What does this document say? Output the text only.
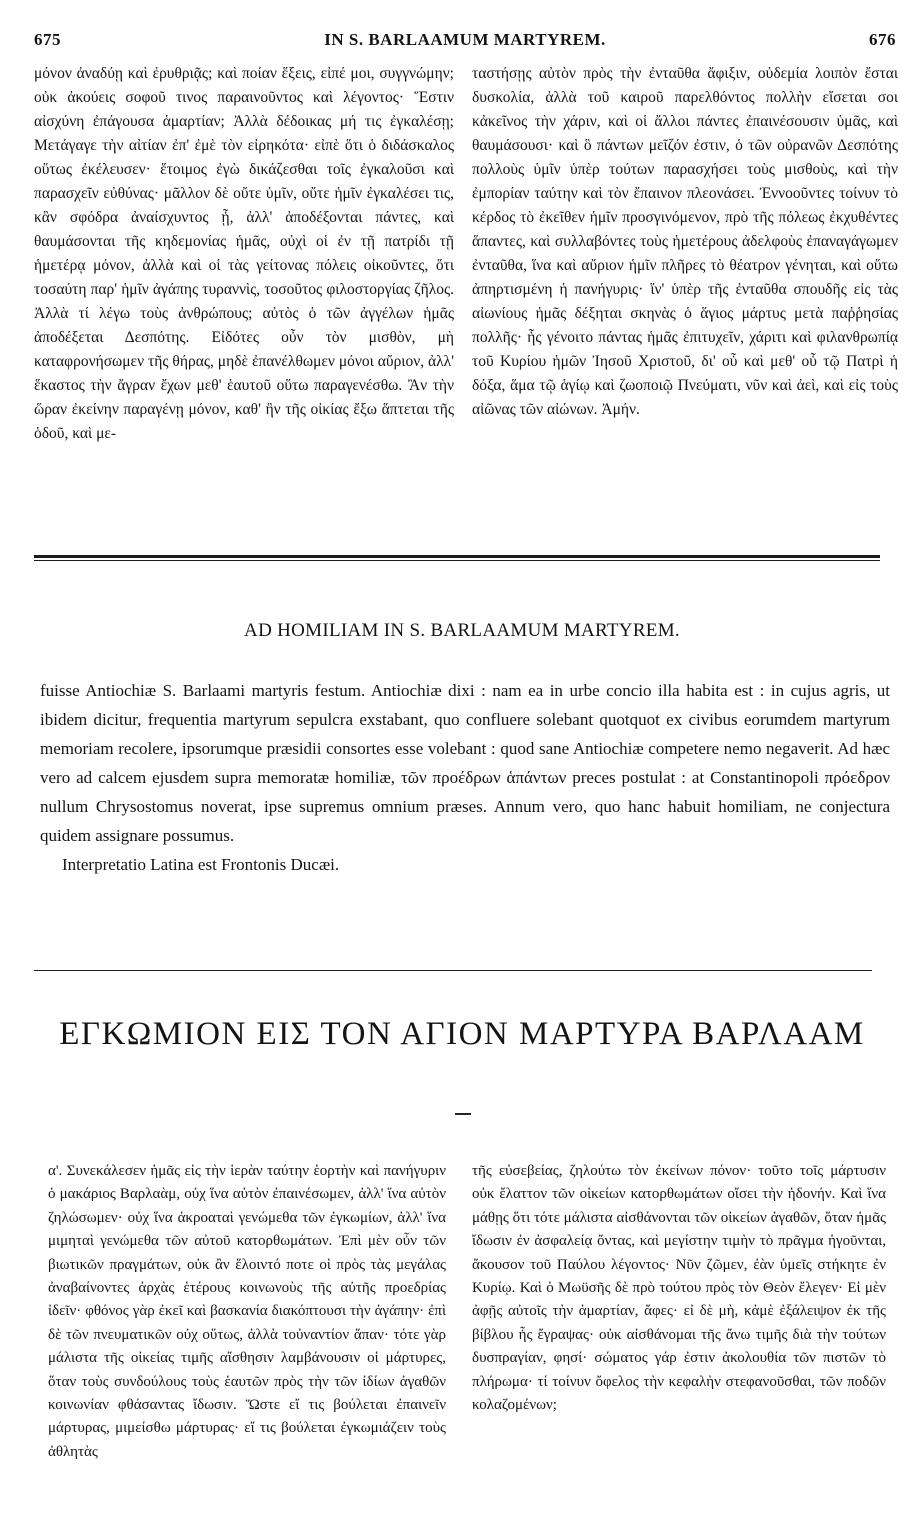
675	IN S. BARLAAMUM MARTYREM.	676

μόνον ἀναδύῃ καὶ ἐρυθριᾷς; καὶ ποίαν ἕξεις, εἰπέ μοι, συγγνώμην; οὐκ ἀκούεις σοφοῦ τινος παραινοῦντος καὶ λέγοντος· Ἔστιν αἰσχύνη ἐπάγουσα ἁμαρτίαν; Ἀλλὰ δέδοικας μή τις ἐγκαλέσῃ; Μετάγαγε τὴν αἰτίαν ἐπ' ἐμὲ τὸν εἰρηκότα· εἰπὲ ὅτι ὁ διδάσκαλος οὕτως ἐκέλευσεν· ἕτοιμος ἐγὼ δικάζεσθαι τοῖς ἐγκαλοῦσι καὶ παρασχεῖν εὐθύνας· μᾶλλον δὲ οὔτε ὑμῖν, οὔτε ἡμῖν ἐγκαλέσει τις, κἂν σφόδρα ἀναίσχυντος ᾖ, ἀλλ' ἀποδέξονται πάντες, καὶ θαυμάσονται τῆς κηδεμονίας ἡμᾶς, οὐχὶ οἱ ἐν τῇ πατρίδι τῇ ἡμετέρᾳ μόνον, ἀλλὰ καὶ οἱ τὰς γείτονας πόλεις οἰκοῦντες, ὅτι τοσαύτη παρ' ἡμῖν ἀγάπης τυραννὶς, τοσοῦτος φιλοστοργίας ζῆλος. Ἀλλὰ τί λέγω τοὺς ἀνθρώπους; αὐτὸς ὁ τῶν ἀγγέλων ἡμᾶς ἀποδέξεται Δεσπότης. Εἰδότες οὖν τὸν μισθὸν, μὴ καταφρονήσωμεν τῆς θήρας, μηδὲ ἐπανέλθωμεν μόνοι αὔριον, ἀλλ' ἕκαστος τὴν ἄγραν ἔχων μεθ' ἑαυτοῦ οὕτω παραγενέσθω. Ἂν τὴν ὥραν ἐκείνην παραγένῃ μόνον, καθ' ἣν τῆς οἰκίας ἔξω ἅπτεται τῆς ὁδοῦ, καὶ με-

ταστήσῃς αὐτὸν πρὸς τὴν ἐνταῦθα ἄφιξιν, οὐδεμία λοιπὸν ἔσται δυσκολία, ἀλλὰ τοῦ καιροῦ παρελθόντος πολλὴν εἴσεται σοι κἀκεῖνος τὴν χάριν, καὶ οἱ ἄλλοι πάντες ἐπαινέσουσιν ὑμᾶς, καὶ θαυμάσουσι· καὶ ὃ πάντων μεῖζόν ἐστιν, ὁ τῶν οὐρανῶν Δεσπότης πολλοὺς ὑμῖν ὑπὲρ τούτων παρασχήσει τοὺς μισθοὺς, καὶ τὴν ἐμπορίαν ταύτην καὶ τὸν ἔπαινον πλεονάσει. Ἐννοοῦντες τοίνυν τὸ κέρδος τὸ ἐκεῖθεν ἡμῖν προσγινόμενον, πρὸ τῆς πόλεως ἐκχυθέντες ἅπαντες, καὶ συλλαβόντες τοὺς ἡμετέρους ἀδελφοὺς ἐπαναγάγωμεν ἐνταῦθα, ἵνα καὶ αὔριον ἡμῖν πλῆρες τὸ θέατρον γένηται, καὶ οὕτω ἀπηρτισμένη ἡ πανήγυρις· ἵν' ὑπὲρ τῆς ἐνταῦθα σπουδῆς εἰς τὰς αἰωνίους ἡμᾶς δέξηται σκηνὰς ὁ ἅγιος μάρτυς μετὰ παῤῥησίας πολλῆς· ἧς γένοιτο πάντας ἡμᾶς ἐπιτυχεῖν, χάριτι καὶ φιλανθρωπίᾳ τοῦ Κυρίου ἡμῶν Ἰησοῦ Χριστοῦ, δι' οὗ καὶ μεθ' οὗ τῷ Πατρὶ ἡ δόξα, ἅμα τῷ ἁγίῳ καὶ ζωοποιῷ Πνεύματι, νῦν καὶ ἀεὶ, καὶ εἰς τοὺς αἰῶνας τῶν αἰώνων. Ἀμήν.

AD HOMILIAM IN S. BARLAAMUM MARTYREM.

fuisse Antiochiæ S. Barlaami martyris festum. Antiochiæ dixi : nam ea in urbe concio illa habita est : in cujus agris, ut ibidem dicitur, frequentia martyrum sepulcra exstabant, quo confluere solebant quotquot ex civibus eorumdem martyrum memoriam recolere, ipsorumque præsidii consortes esse volebant : quod sane Antiochiæ competere nemo negaverit. Ad hæc vero ad calcem ejusdem supra memoratæ homiliæ, τῶν προέδρων ἁπάντων preces postulat : at Constantinopoli πρόεδρον nullum Chrysostomus noverat, ipse supremus omnium præses. Annum vero, quo hanc habuit homiliam, ne conjectura quidem assignare possumus.

Interpretatio Latina est Frontonis Ducæi.

ΕΓΚΩΜΙΟΝ ΕΙΣ ΤΟΝ ΑΓΙΟΝ ΜΑΡΤΥΡΑ ΒΑΡΛΑΑΜ

α'. Συνεκάλεσεν ἡμᾶς εἰς τὴν ἱερὰν ταύτην ἑορτὴν καὶ πανήγυριν ὁ μακάριος Βαρλαὰμ, οὐχ ἵνα αὐτὸν ἐπαινέσωμεν, ἀλλ' ἵνα αὐτὸν ζηλώσωμεν· οὐχ ἵνα ἀκροαταὶ γενώμεθα τῶν ἐγκωμίων, ἀλλ' ἵνα μιμηταὶ γενώμεθα τῶν αὐτοῦ κατορθωμάτων. Ἐπὶ μὲν οὖν τῶν βιωτικῶν πραγμάτων, οὐκ ἂν ἕλοιντό ποτε οἱ πρὸς τὰς μεγάλας ἀναβαίνοντες ἀρχὰς ἑτέρους κοινωνοὺς τῆς αὐτῆς προεδρίας ἰδεῖν· φθόνος γὰρ ἐκεῖ καὶ βασκανία διακόπτουσι τὴν ἀγάπην· ἐπὶ δὲ τῶν πνευματικῶν οὐχ οὕτως, ἀλλὰ τοὐναντίον ἅπαν· τότε γὰρ μάλιστα τῆς οἰκείας τιμῆς αἴσθησιν λαμβάνουσιν οἱ μάρτυρες, ὅταν τοὺς συνδούλους τοὺς ἑαυτῶν πρὸς τὴν τῶν ἰδίων ἀγαθῶν κοινωνίαν φθάσαντας ἴδωσιν. Ὥστε εἴ τις βούλεται ἐπαινεῖν μάρτυρας, μιμείσθω μάρτυρας· εἴ τις βούλεται ἐγκωμιάζειν τοὺς ἀθλητὰς

τῆς εὐσεβείας, ζηλούτω τὸν ἐκείνων πόνον· τοῦτο τοῖς μάρτυσιν οὐκ ἔλαττον τῶν οἰκείων κατορθωμάτων οἴσει τὴν ἡδονήν. Καὶ ἵνα μάθῃς ὅτι τότε μάλιστα αἰσθάνονται τῶν οἰκείων ἀγαθῶν, ὅταν ἡμᾶς ἴδωσιν ἐν ἀσφαλείᾳ ὄντας, καὶ μεγίστην τιμὴν τὸ πρᾶγμα ἡγοῦνται, ἄκουσον τοῦ Παύλου λέγοντος· Νῦν ζῶμεν, ἐὰν ὑμεῖς στήκητε ἐν Κυρίῳ. Καὶ ὁ Μωϋσῆς δὲ πρὸ τούτου πρὸς τὸν Θεὸν ἔλεγεν· Εἰ μὲν ἀφῇς αὐτοῖς τὴν ἁμαρτίαν, ἄφες· εἰ δὲ μὴ, κἀμὲ ἐξάλειψον ἐκ τῆς βίβλου ἧς ἔγραψας· οὐκ αἰσθάνομαι τῆς ἄνω τιμῆς διὰ τὴν τούτων δυσπραγίαν, φησί· σώματος γάρ ἐστιν ἀκολουθία τῶν πιστῶν τὸ πλήρωμα· τί τοίνυν ὄφελος τὴν κεφαλὴν στεφανοῦσθαι, τῶν ποδῶν κολαζομένων;
